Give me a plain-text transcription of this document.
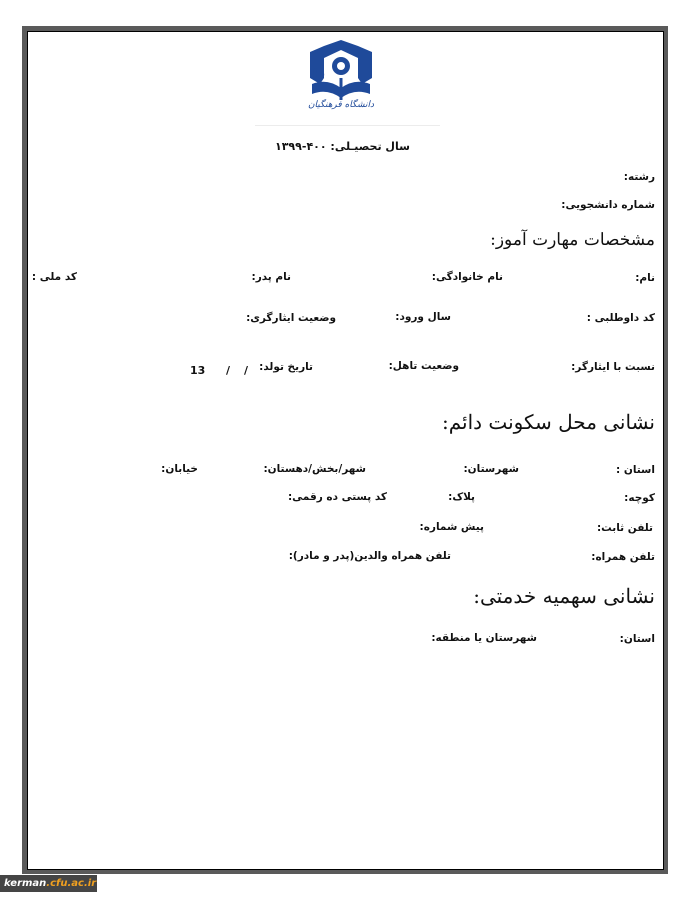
دانشگاه فرهنگیان
سال تحصیـلی: ۴۰۰-۱۳۹۹
رشته:
شماره دانشجویی:
مشخصات مهارت آموز:
نام:
نام خانوادگی:
نام پدر:
کد ملی :
کد داوطلبی :
سال ورود:
وضعیت ایثارگری:
نسبت با ایثارگر:
وضعیت تاهل:
تاریخ تولد:
/
/
13
نشانی محل سکونت دائم:
استان :
شهرستان:
شهر/بخش/دهستان:
خیابان:
کوچه:
پلاک:
کد پستی ده رقمی:
تلفن ثابت:
پیش شماره:
تلفن همراه:
تلفن همراه والدین(پدر و مادر):
نشانی سهمیه خدمتی:
استان:
شهرستان یا منطقه:
kerman.cfu.ac.ir
